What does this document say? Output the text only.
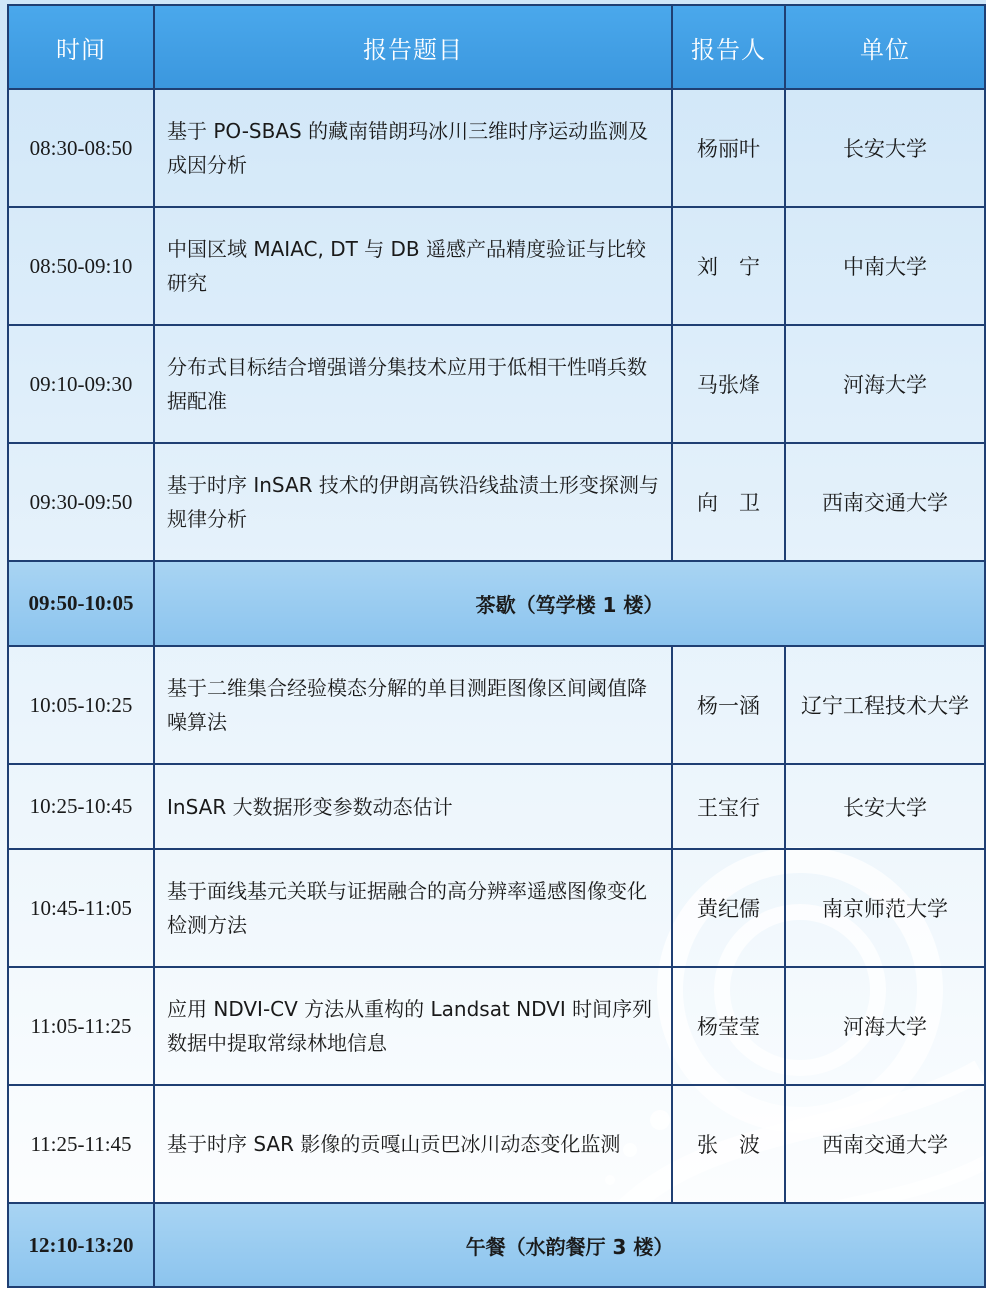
时间	报告题目	报告人	单位
08:30-08:50	基于 PO-SBAS 的藏南错朗玛冰川三维时序运动监测及成因分析	杨丽叶	长安大学
08:50-09:10	中国区域 MAIAC, DT 与 DB 遥感产品精度验证与比较研究	刘　宁	中南大学
09:10-09:30	分布式目标结合增强谱分集技术应用于低相干性哨兵数据配准	马张烽	河海大学
09:30-09:50	基于时序 InSAR 技术的伊朗高铁沿线盐渍土形变探测与规律分析	向　卫	西南交通大学
09:50-10:05	茶歇（笃学楼 1 楼）		
10:05-10:25	基于二维集合经验模态分解的单目测距图像区间阈值降噪算法	杨一涵	辽宁工程技术大学
10:25-10:45	InSAR 大数据形变参数动态估计	王宝行	长安大学
10:45-11:05	基于面线基元关联与证据融合的高分辨率遥感图像变化检测方法	黄纪儒	南京师范大学
11:05-11:25	应用 NDVI-CV 方法从重构的 Landsat NDVI 时间序列数据中提取常绿林地信息	杨莹莹	河海大学
11:25-11:45	基于时序 SAR 影像的贡嘎山贡巴冰川动态变化监测	张　波	西南交通大学
12:10-13:20	午餐（水韵餐厅 3 楼）		
